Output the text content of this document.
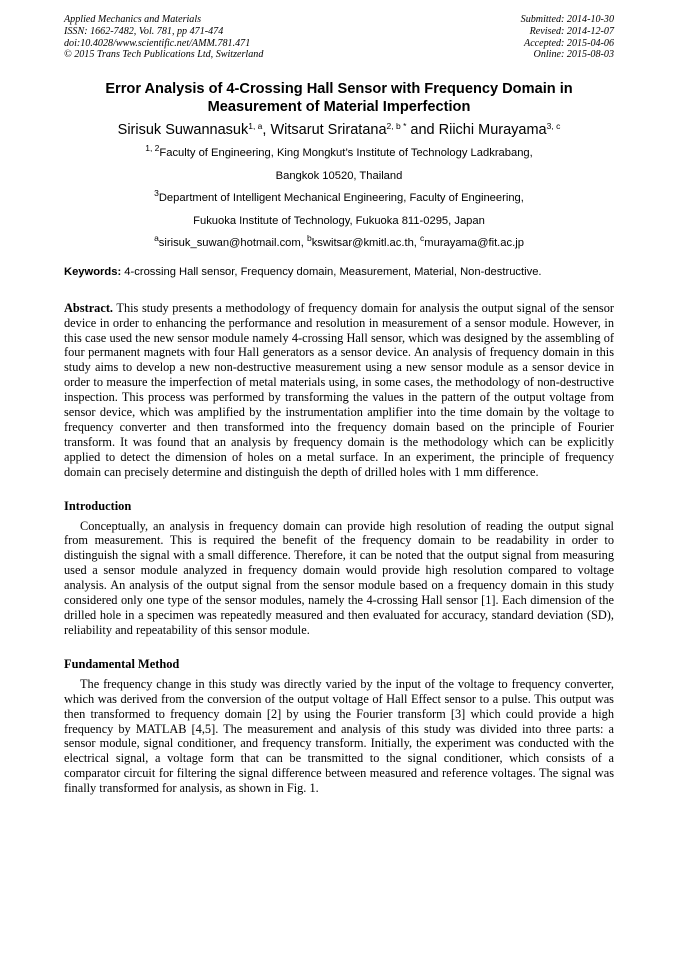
Applied Mechanics and Materials
ISSN: 1662-7482, Vol. 781, pp 471-474
doi:10.4028/www.scientific.net/AMM.781.471
© 2015 Trans Tech Publications Ltd, Switzerland
Submitted: 2014-10-30
Revised: 2014-12-07
Accepted: 2015-04-06
Online: 2015-08-03
Error Analysis of 4-Crossing Hall Sensor with Frequency Domain in
Measurement of Material Imperfection
Sirisuk Suwannasuk$^{1, a}$, Witsarut Sriratana$^{2, b *}$ and Riichi Murayama$^{3, c}$
$^{1, 2}$Faculty of Engineering, King Mongkut’s Institute of Technology Ladkrabang,
Bangkok 10520, Thailand
$^3$Department of Intelligent Mechanical Engineering, Faculty of Engineering,
Fukuoka Institute of Technology, Fukuoka 811-0295, Japan
$^a$sirisuk_suwan@hotmail.com, $^b$kswitsar@kmitl.ac.th, $^c$murayama@fit.ac.jp
Keywords: 4-crossing Hall sensor, Frequency domain, Measurement, Material, Non-destructive.

Abstract. This study presents a methodology of frequency domain for analysis the output signal of the sensor device in order to enhancing the performance and resolution in measurement of a sensor module. However, in this case used the new sensor module namely 4-crossing Hall sensor, which was designed by the assembling of four permanent magnets with four Hall generators as a sensor device. An analysis of frequency domain in this study aims to develop a new non-destructive measurement using a new sensor module as a sensor device in order to measure the imperfection of metal materials using, in some cases, the methodology of non-destructive inspection. This process was performed by transforming the values in the pattern of the output voltage from sensor device, which was amplified by the instrumentation amplifier into the time domain by the voltage to frequency converter and then transformed into the frequency domain based on the principle of Fourier transform. It was found that an analysis by frequency domain is the methodology which can be explicitly applied to detect the dimension of holes on a metal surface. In an experiment, the principle of frequency domain can precisely determine and distinguish the depth of drilled holes with 1 mm difference.

Introduction

Conceptually, an analysis in frequency domain can provide high resolution of reading the output signal from measurement. This is required the benefit of the frequency domain to be readability in order to distinguish the signal with a small difference. Therefore, it can be noted that the output signal from measuring used a sensor module analyzed in frequency domain would provide high resolution compared to voltage analysis. An analysis of the output signal from the sensor module based on a frequency domain in this study considered only one type of the sensor modules, namely the 4-crossing Hall sensor [1]. Each dimension of the drilled hole in a specimen was repeatedly measured and then evaluated for accuracy, standard deviation (SD), reliability and repeatability of this sensor module.

Fundamental Method

The frequency change in this study was directly varied by the input of the voltage to frequency converter, which was derived from the conversion of the output voltage of Hall Effect sensor to a pulse. This output was then transformed to frequency domain [2] by using the Fourier transform [3] which could provide a high frequency by MATLAB [4,5]. The measurement and analysis of this study was divided into three parts: a sensor module, signal conditioner, and frequency transform. Initially, the experiment was conducted with the electrical signal, a voltage form that can be transmitted to the signal conditioner, which consists of a comparator circuit for filtering the signal difference between measured and reference voltages. The signal was finally transformed for analysis, as shown in Fig. 1.
